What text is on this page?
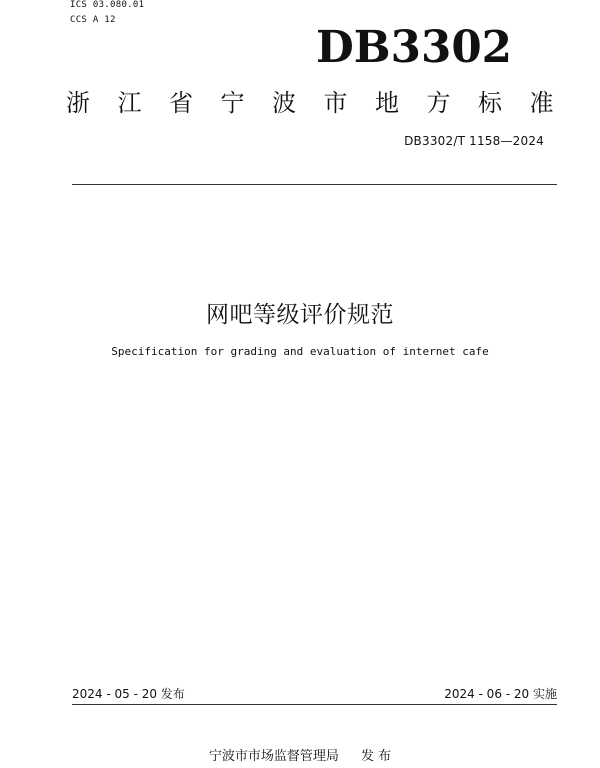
ICS 03.080.01
CCS A 12
DB3302
浙 江 省 宁 波 市 地 方 标 准
DB3302/T 1158—2024
网吧等级评价规范
Specification for grading and evaluation of internet cafe
2024 - 05 - 20 发布	2024 - 06 - 20 实施
宁波市市场监督管理局 发 布
